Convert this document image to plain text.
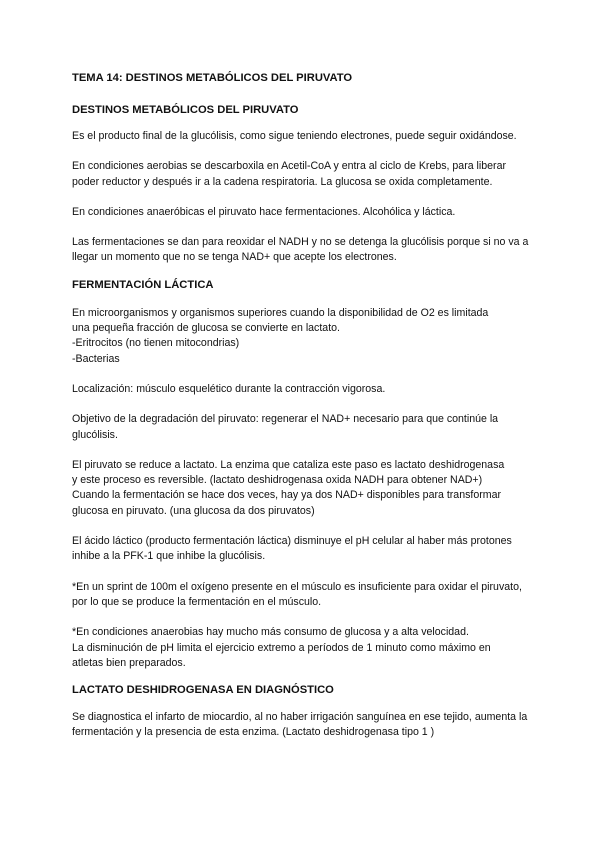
TEMA 14: DESTINOS METABÓLICOS DEL PIRUVATO
DESTINOS METABÓLICOS DEL PIRUVATO
Es el producto final de la glucólisis, como sigue teniendo electrones, puede seguir oxidándose.
En condiciones aerobias se descarboxila en Acetil-CoA y entra al ciclo de Krebs, para liberar poder reductor y después ir a la cadena respiratoria. La glucosa se oxida completamente.
En condiciones anaeróbicas el piruvato hace fermentaciones. Alcohólica y láctica.
Las fermentaciones se dan para reoxidar el NADH y no se detenga la glucólisis porque si no va a llegar un momento que no se tenga NAD+ que acepte los electrones.
FERMENTACIÓN LÁCTICA
En microorganismos y organismos superiores cuando la disponibilidad de O2 es limitada
una pequeña fracción de glucosa se convierte en lactato.
-Eritrocitos (no tienen mitocondrias)
-Bacterias
Localización: músculo esquelético durante la contracción vigorosa.
Objetivo de la degradación del piruvato: regenerar el NAD+ necesario para que continúe la glucólisis.
El piruvato se reduce a lactato. La enzima que cataliza este paso es lactato deshidrogenasa
y este proceso es reversible. (lactato deshidrogenasa oxida NADH para obtener NAD+)
Cuando la fermentación se hace dos veces, hay ya dos NAD+ disponibles para transformar
glucosa en piruvato. (una glucosa da dos piruvatos)
El ácido láctico (producto fermentación láctica) disminuye el pH celular al haber más protones inhibe a la PFK-1 que inhibe la glucólisis.
*En un sprint de 100m el oxígeno presente en el músculo es insuficiente para oxidar el piruvato, por lo que se produce la fermentación en el músculo.
*En condiciones anaerobias hay mucho más consumo de glucosa y a alta velocidad.
La disminución de pH limita el ejercicio extremo a períodos de 1 minuto como máximo en
atletas bien preparados.
LACTATO DESHIDROGENASA EN DIAGNÓSTICO
Se diagnostica el infarto de miocardio, al no haber irrigación sanguínea en ese tejido, aumenta la fermentación y la presencia de esta enzima. (Lactato deshidrogenasa tipo 1 )
